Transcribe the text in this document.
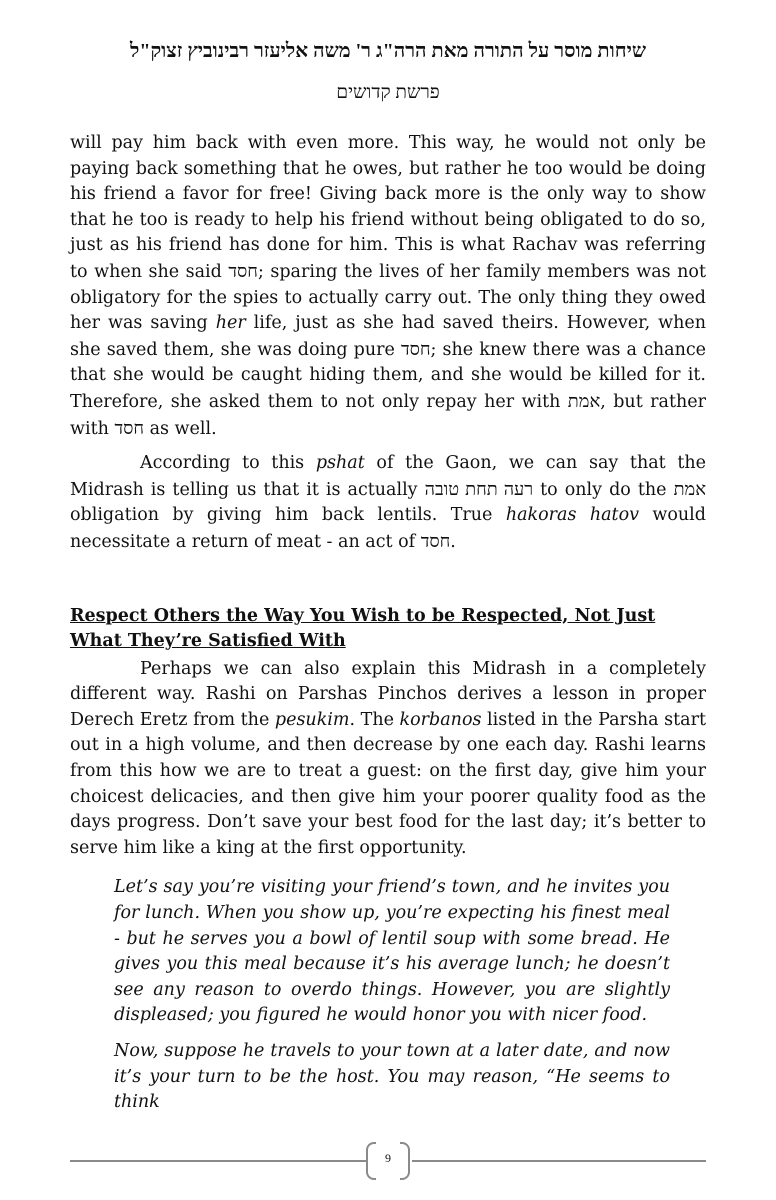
שיחות מוסר על התורה מאת הרה"ג ר' משה אליעזר רבינוביץ זצוק"ל
פרשת קדושים

will pay him back with even more. This way, he would not only be paying back something that he owes, but rather he too would be doing his friend a favor for free! Giving back more is the only way to show that he too is ready to help his friend without being obligated to do so, just as his friend has done for him. This is what Rachav was referring to when she said חסד; sparing the lives of her family members was not obligatory for the spies to actually carry out. The only thing they owed her was saving her life, just as she had saved theirs. However, when she saved them, she was doing pure חסד; she knew there was a chance that she would be caught hiding them, and she would be killed for it. Therefore, she asked them to not only repay her with אמת, but rather with חסד as well.

According to this pshat of the Gaon, we can say that the Midrash is telling us that it is actually רעה תחת טובה to only do the אמת obligation by giving him back lentils. True hakoras hatov would necessitate a return of meat - an act of חסד.

Respect Others the Way You Wish to be Respected, Not Just What They’re Satisfied With

Perhaps we can also explain this Midrash in a completely different way. Rashi on Parshas Pinchos derives a lesson in proper Derech Eretz from the pesukim. The korbanos listed in the Parsha start out in a high volume, and then decrease by one each day. Rashi learns from this how we are to treat a guest: on the first day, give him your choicest delicacies, and then give him your poorer quality food as the days progress. Don’t save your best food for the last day; it’s better to serve him like a king at the first opportunity.

Let’s say you’re visiting your friend’s town, and he invites you for lunch. When you show up, you’re expecting his finest meal - but he serves you a bowl of lentil soup with some bread. He gives you this meal because it’s his average lunch; he doesn’t see any reason to overdo things. However, you are slightly displeased; you figured he would honor you with nicer food.

Now, suppose he travels to your town at a later date, and now it’s your turn to be the host. You may reason, “He seems to think

9
